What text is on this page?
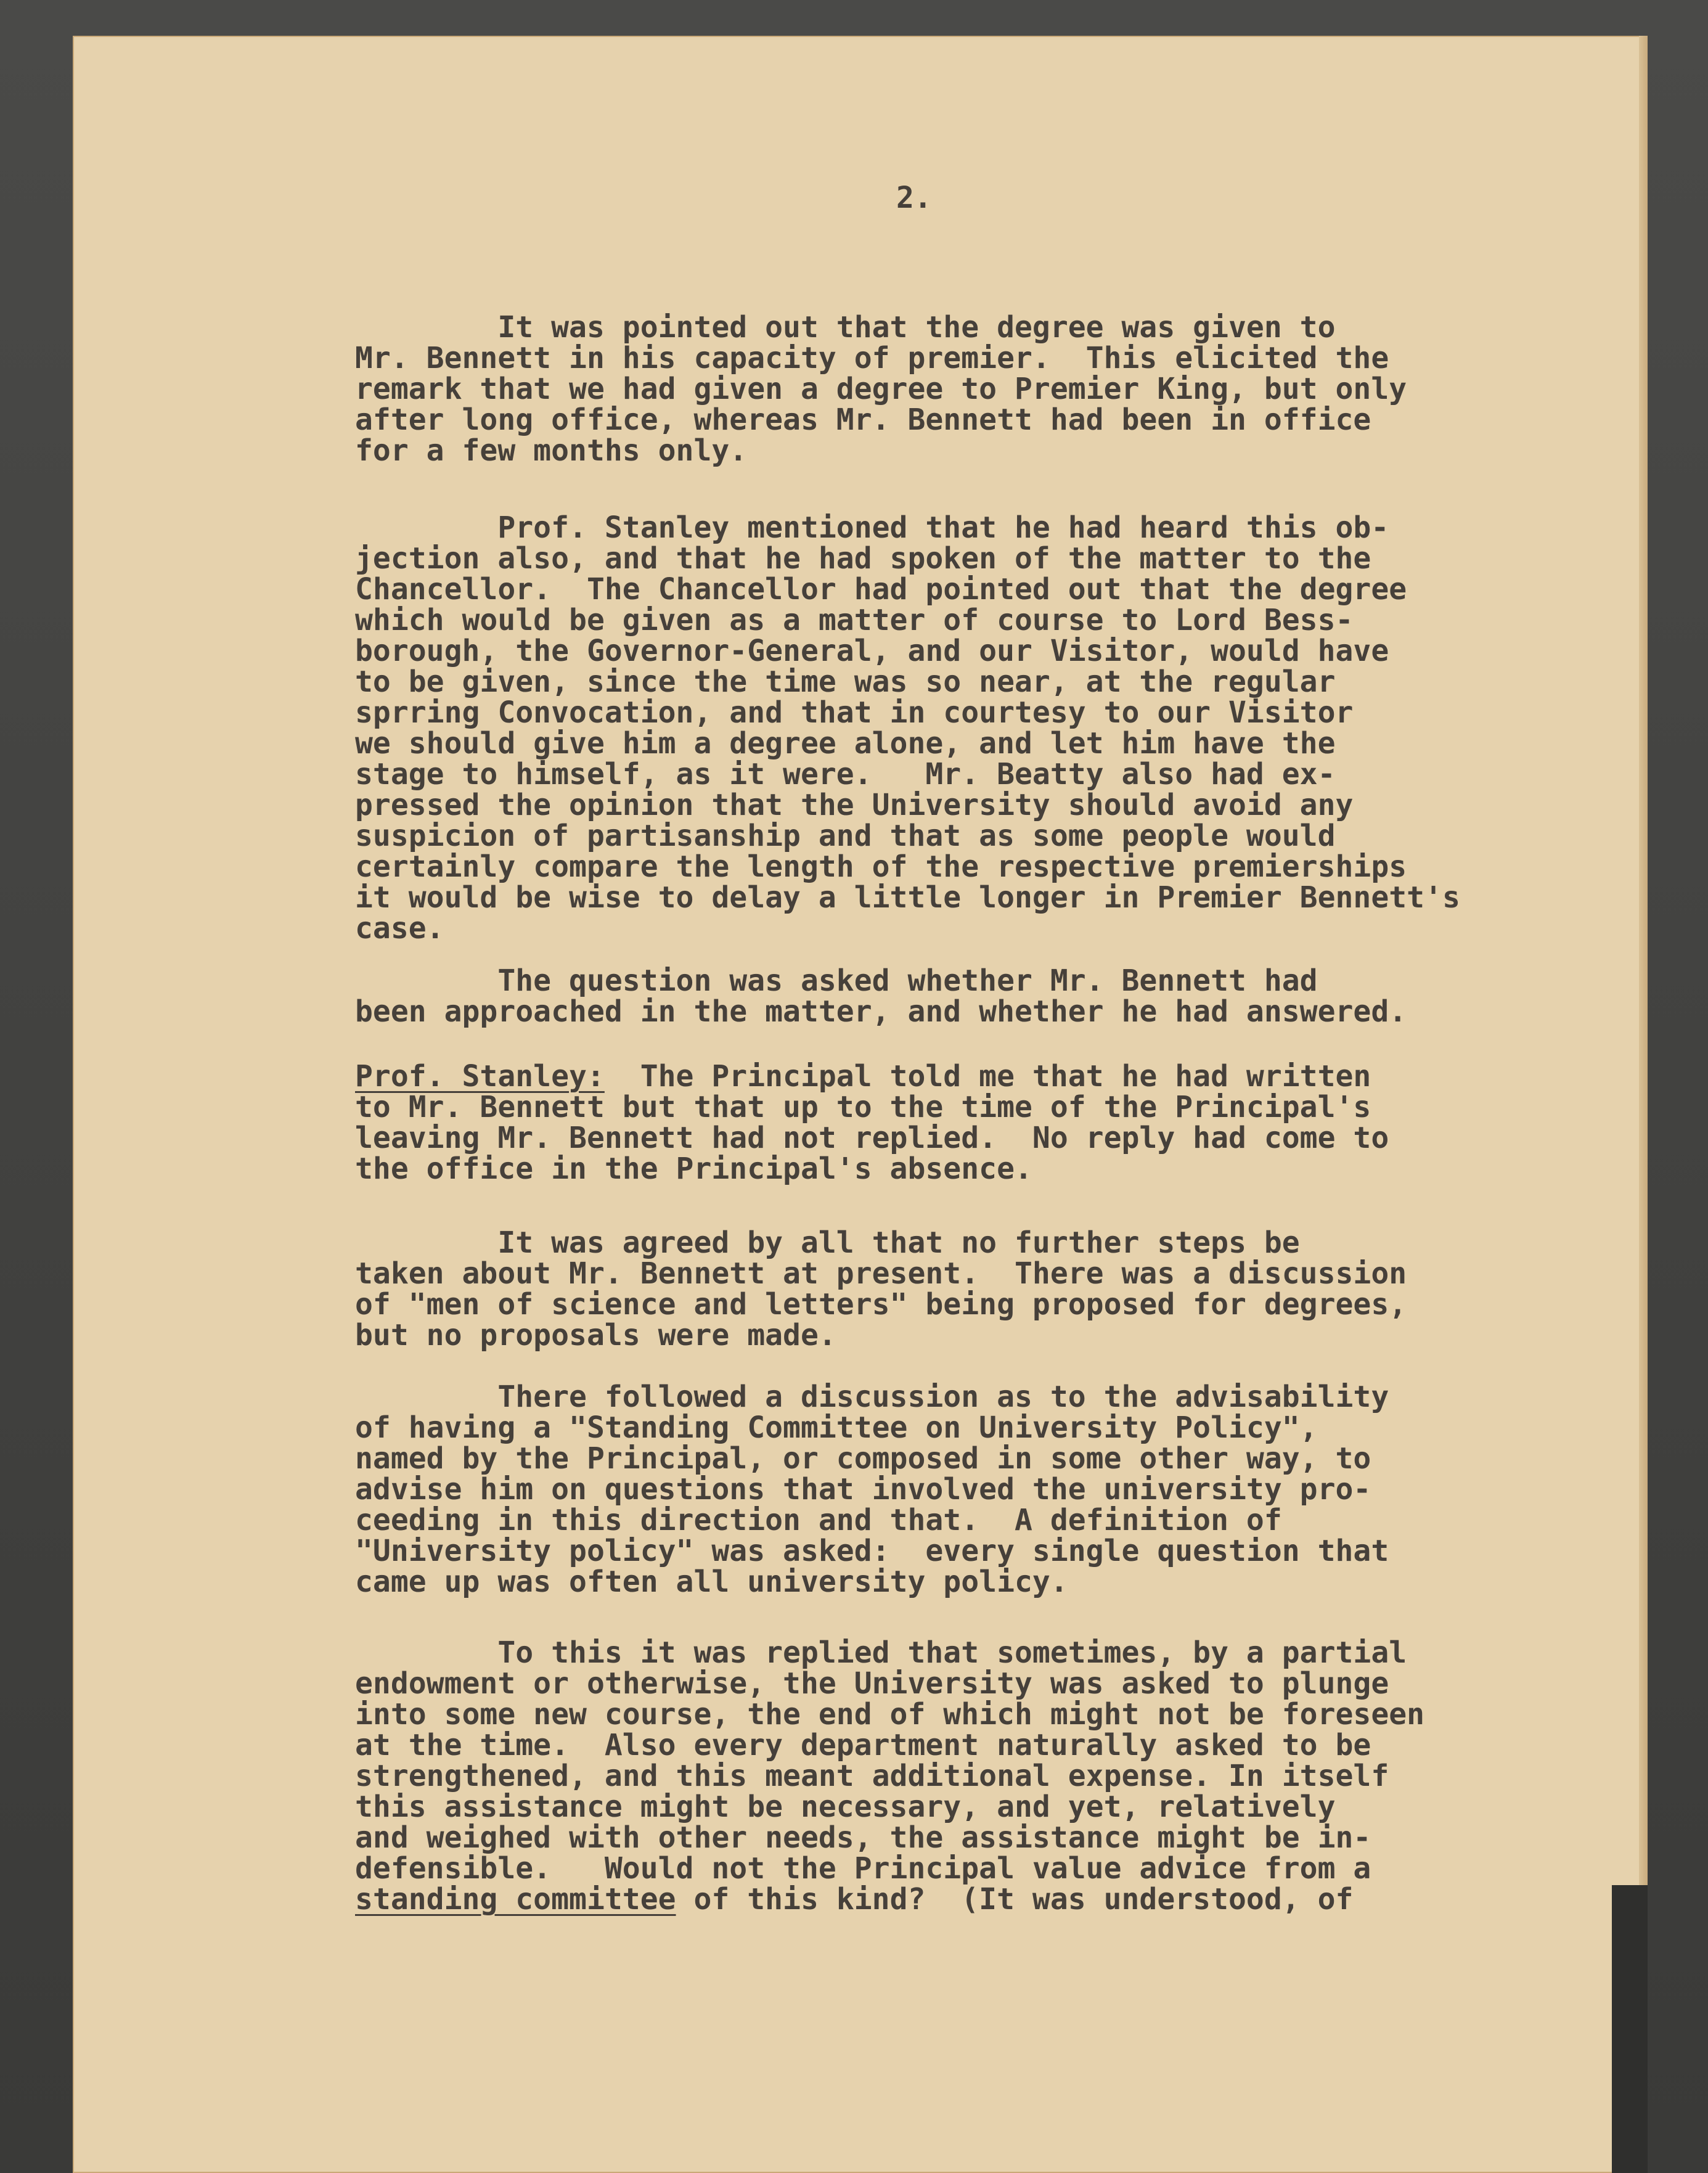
2.
It was pointed out that the degree was given to
Mr. Bennett in his capacity of premier.  This elicited the
remark that we had given a degree to Premier King, but only
after long office, whereas Mr. Bennett had been in office
for a few months only.
Prof. Stanley mentioned that he had heard this ob-
jection also, and that he had spoken of the matter to the
Chancellor.  The Chancellor had pointed out that the degree
which would be given as a matter of course to Lord Bess-
borough, the Governor-General, and our Visitor, would have
to be given, since the time was so near, at the regular
sprring Convocation, and that in courtesy to our Visitor
we should give him a degree alone, and let him have the
stage to himself, as it were.   Mr. Beatty also had ex-
pressed the opinion that the University should avoid any
suspicion of partisanship and that as some people would
certainly compare the length of the respective premierships
it would be wise to delay a little longer in Premier Bennett's
case.
The question was asked whether Mr. Bennett had
been approached in the matter, and whether he had answered.
Prof. Stanley:  The Principal told me that he had written
to Mr. Bennett but that up to the time of the Principal's
leaving Mr. Bennett had not replied.  No reply had come to
the office in the Principal's absence.
It was agreed by all that no further steps be
taken about Mr. Bennett at present.  There was a discussion
of "men of science and letters" being proposed for degrees,
but no proposals were made.
There followed a discussion as to the advisability
of having a "Standing Committee on University Policy",
named by the Principal, or composed in some other way, to
advise him on questions that involved the university pro-
ceeding in this direction and that.  A definition of
"University policy" was asked:  every single question that
came up was often all university policy.
To this it was replied that sometimes, by a partial
endowment or otherwise, the University was asked to plunge
into some new course, the end of which might not be foreseen
at the time.  Also every department naturally asked to be
strengthened, and this meant additional expense. In itself
this assistance might be necessary, and yet, relatively
and weighed with other needs, the assistance might be in-
defensible.   Would not the Principal value advice from a
standing committee of this kind?  (It was understood, of
